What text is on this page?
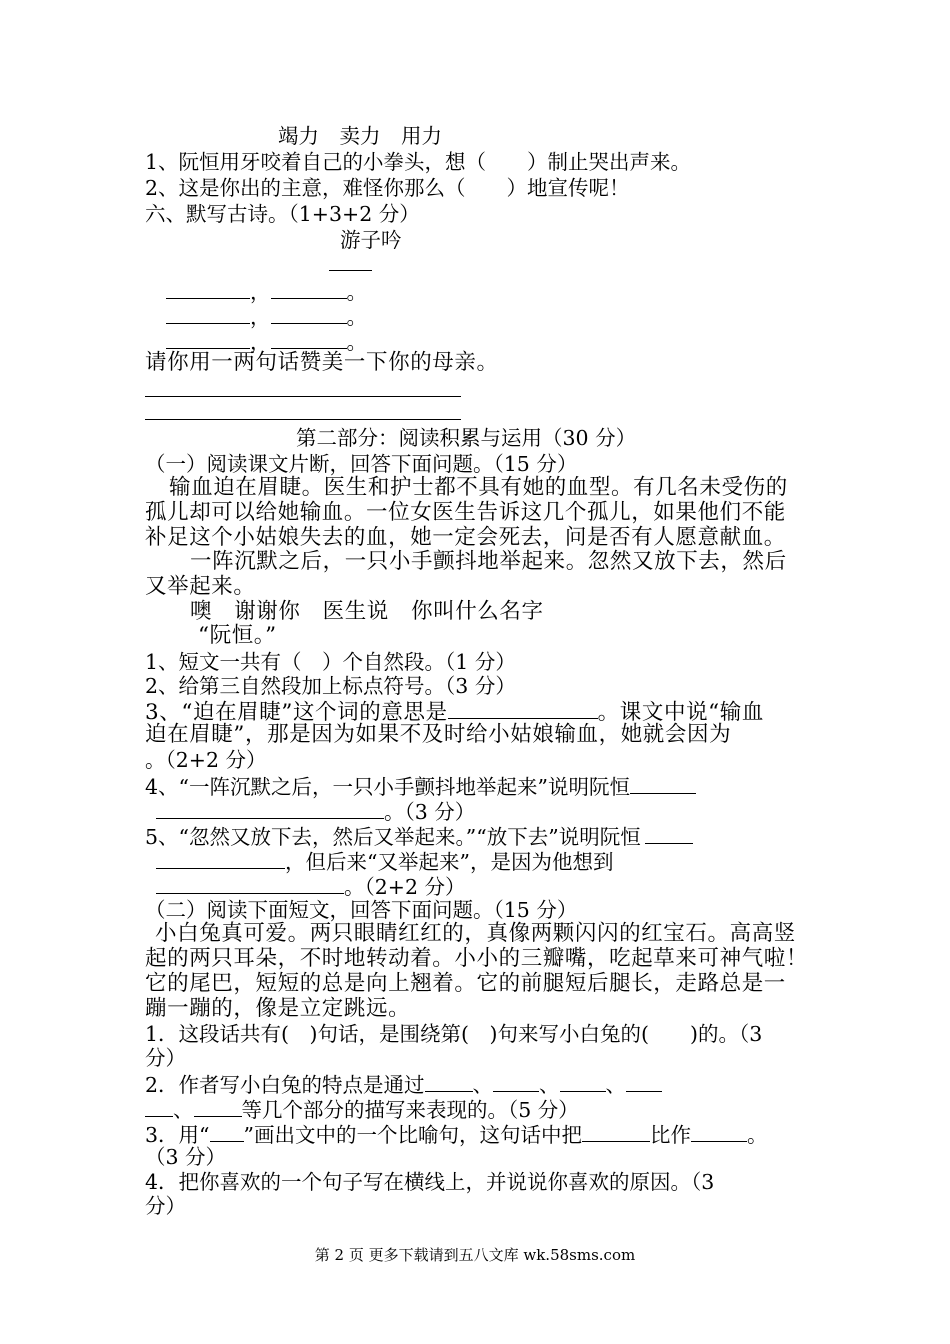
竭力　卖力　用力
1、阮恒用牙咬着自己的小拳头，想（　　）制止哭出声来。
2、这是你出的主意，难怪你那么（　　）地宣传呢！
六、默写古诗。（1+3+2 分）
游子吟
，	。
，	。
，	。
请你用一两句话赞美一下你的母亲。
第二部分：阅读积累与运用（30 分）
（一）阅读课文片断，回答下面问题。（15 分）
输血迫在眉睫。医生和护士都不具有她的血型。有几名未受伤的
孤儿却可以给她输血。一位女医生告诉这几个孤儿，如果他们不能
补足这个小姑娘失去的血，她一定会死去，问是否有人愿意献血。
一阵沉默之后，一只小手颤抖地举起来。忽然又放下去，然后
又举起来。
噢　谢谢你　医生说　你叫什么名字
“阮恒。”
1、短文一共有（　）个自然段。（1 分）
2、给第三自然段加上标点符号。（3 分）
3、“迫在眉睫”这个词的意思是	。课文中说“输血
迫在眉睫”，那是因为如果不及时给小姑娘输血，她就会因为
。（2+2 分）
4、“一阵沉默之后，一只小手颤抖地举起来”说明阮恒
。（3 分）
5、“忽然又放下去，然后又举起来。”“放下去”说明阮恒
，但后来“又举起来”，是因为他想到
。（2+2 分）
（二）阅读下面短文，回答下面问题。（15 分）
小白兔真可爱。两只眼睛红红的，真像两颗闪闪的红宝石。高高竖
起的两只耳朵，不时地转动着。小小的三瓣嘴，吃起草来可神气啦！
它的尾巴，短短的总是向上翘着。它的前腿短后腿长，走路总是一
蹦一蹦的，像是立定跳远。
1．这段话共有(　)句话，是围绕第(　)句来写小白兔的(　　)的。（3
分）
2．作者写小白兔的特点是通过 、 、 、
、 等几个部分的描写来表现的。（5 分）
3．用“ ”画出文中的一个比喻句，这句话中把	比作	。
（3 分）
4．把你喜欢的一个句子写在横线上，并说说你喜欢的原因。（3
分）
第 2 页 更多下载请到五八文库 wk.58sms.com
